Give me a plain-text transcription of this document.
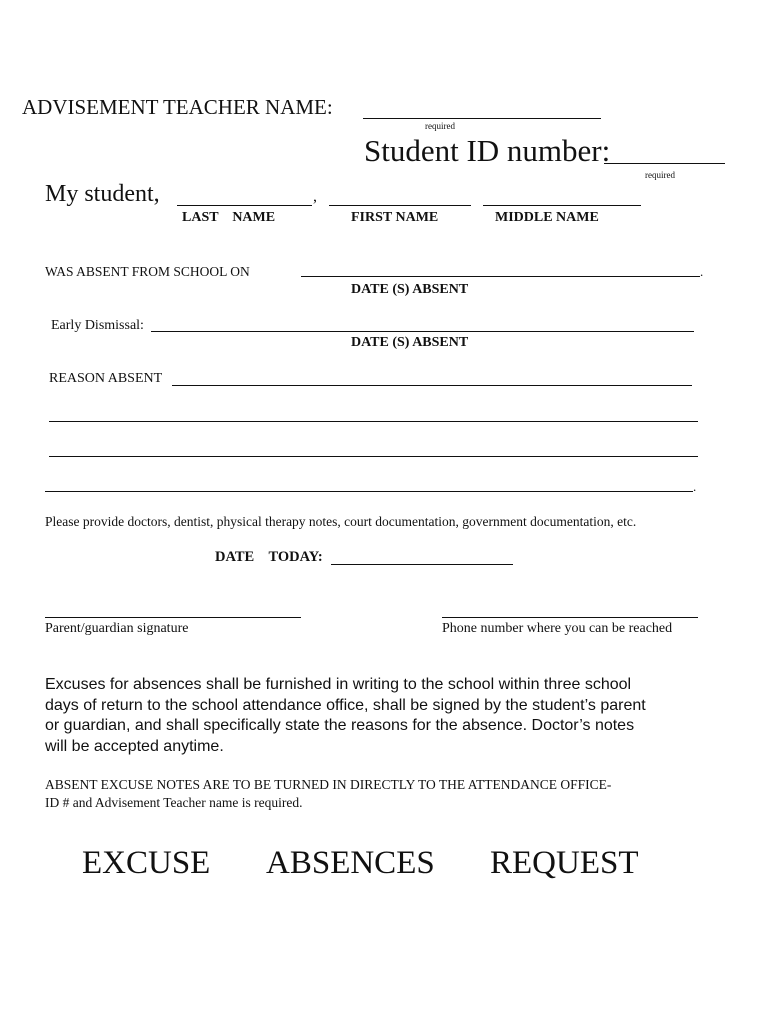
ADVISEMENT TEACHER NAME:
required
Student ID number:
required
My student,	,
LAST    NAME	FIRST NAME	MIDDLE NAME
WAS ABSENT FROM SCHOOL ON	.
DATE (S) ABSENT
Early Dismissal:
DATE (S) ABSENT
REASON ABSENT
.
Please provide doctors, dentist, physical therapy notes, court documentation, government documentation, etc.
DATE    TODAY:
Parent/guardian signature	Phone number where you can be reached
Excuses for absences shall be furnished in writing to the school within three school
days of return to the school attendance office, shall be signed by the student’s parent
or guardian, and shall specifically state the reasons for the absence. Doctor’s notes
will be accepted anytime.
ABSENT EXCUSE NOTES ARE TO BE TURNED IN DIRECTLY TO THE ATTENDANCE OFFICE-
ID # and Advisement Teacher name is required.
EXCUSE ABSENCES REQUEST
